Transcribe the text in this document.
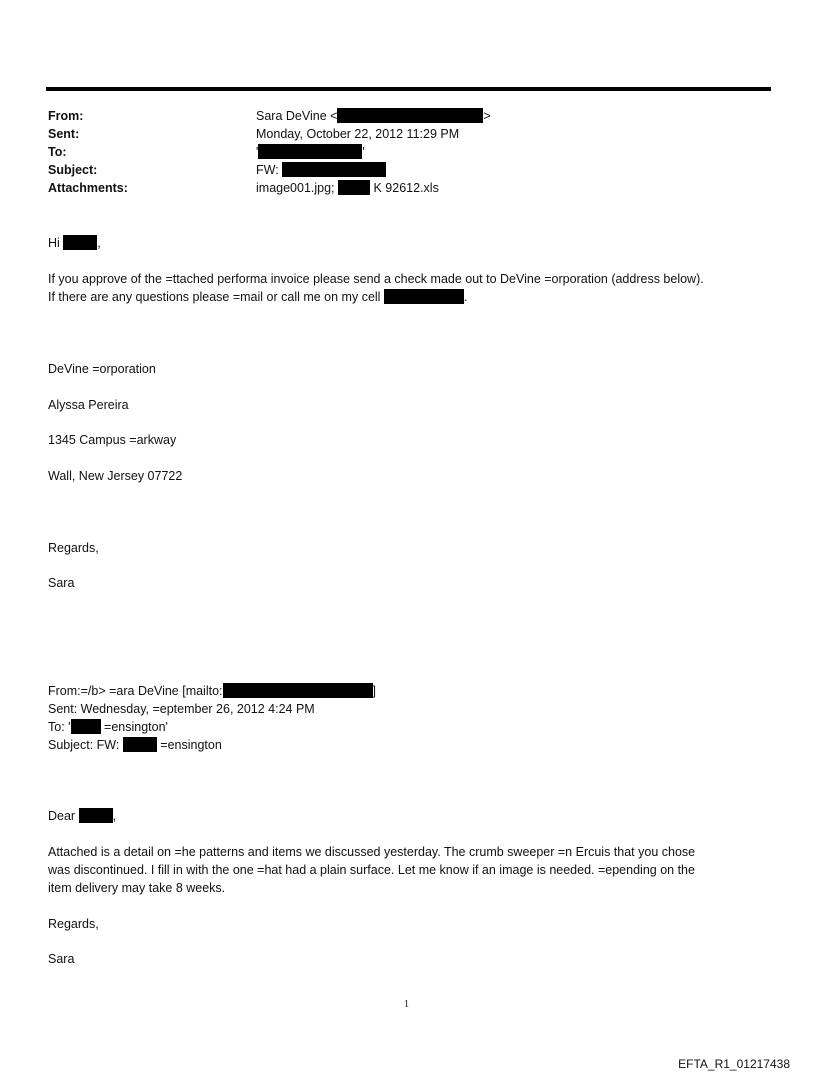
From:	Sara DeVine <	>
Sent:	Monday, October 22, 2012 11:29 PM
To:	'	'
Subject:	FW:
Attachments:	image001.jpg;	K 92612.xls
Hi	,
If you approve of the =ttached performa invoice please send a check made out to DeVine =orporation (address below).
If there are any questions please =mail or call me on my cell	.
DeVine =orporation
Alyssa Pereira
1345 Campus =arkway
Wall, New Jersey 07722
Regards,
Sara
From:=/b> =ara DeVine [mailto:	]
Sent: Wednesday, =eptember 26, 2012 4:24 PM
To: ' =ensington'
Subject: FW:	=ensington
Dear	,
Attached is a detail on =he patterns and items we discussed yesterday. The crumb sweeper =n Ercuis that you chose
was discontinued. I fill in with the one =hat had a plain surface. Let me know if an image is needed. =epending on the
item delivery may take 8 weeks.
Regards,
Sara
1
EFTA_R1_01217438
